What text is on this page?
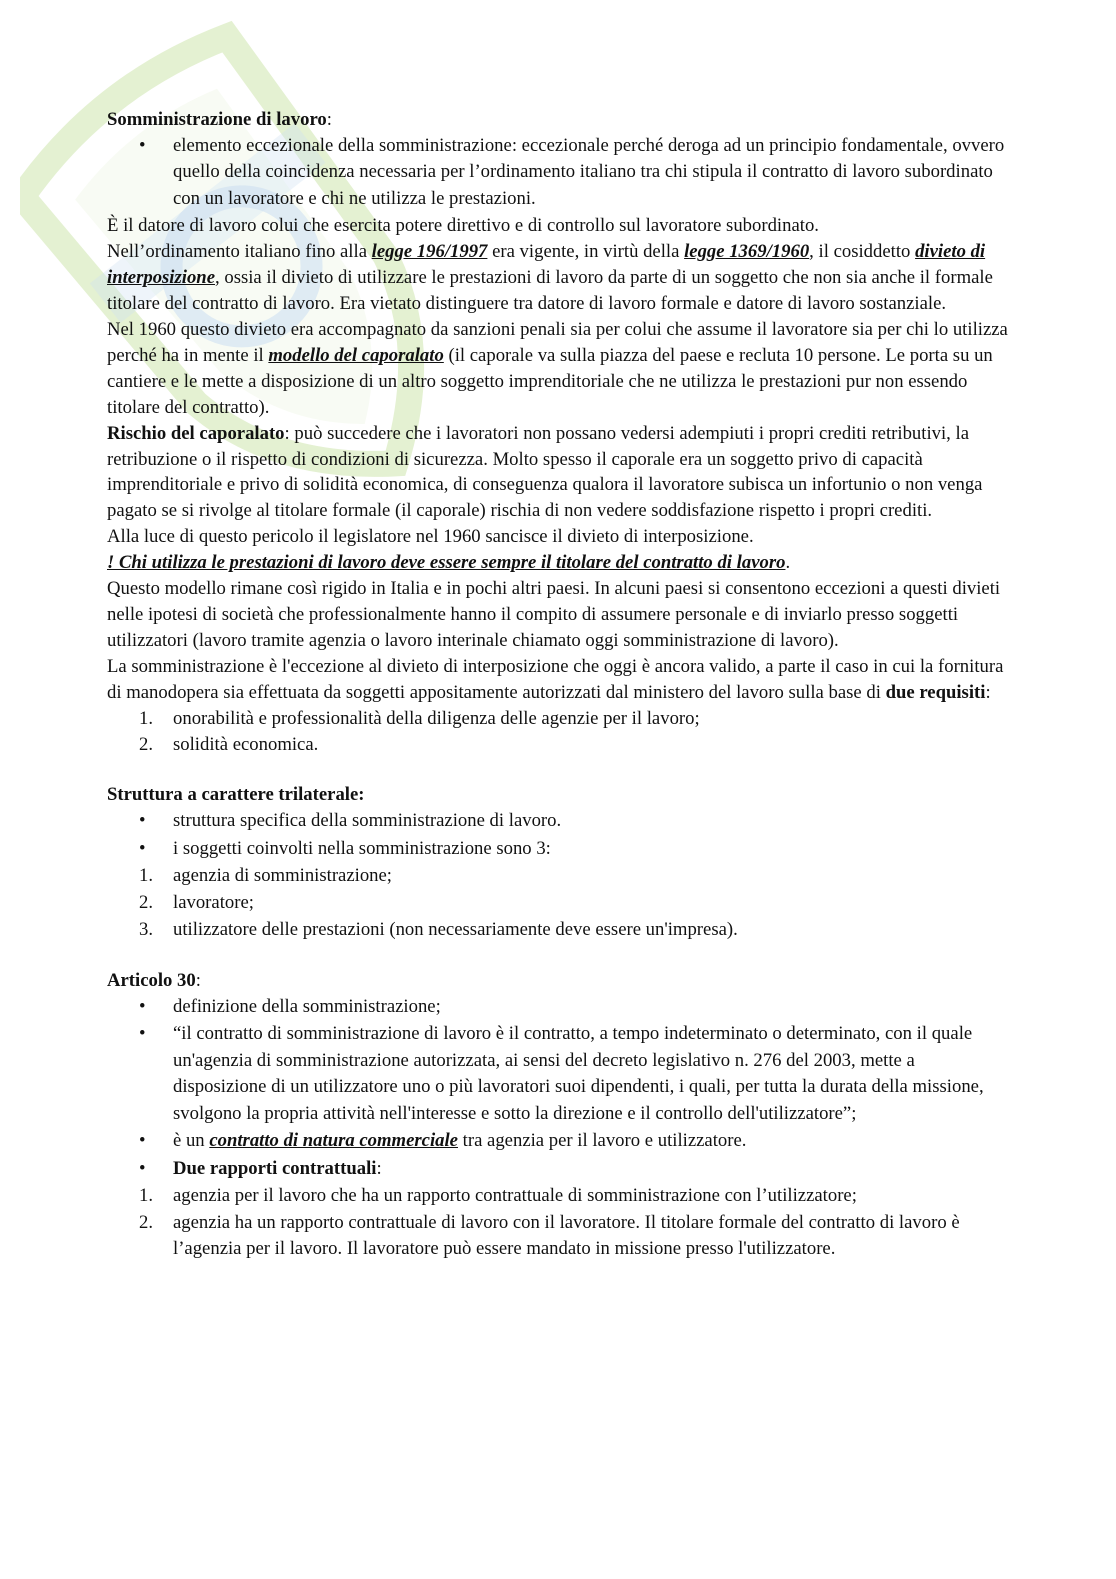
Somministrazione di lavoro:

• elemento eccezionale della somministrazione: eccezionale perché deroga ad un principio fondamentale, ovvero quello della coincidenza necessaria per l’ordinamento italiano tra chi stipula il contratto di lavoro subordinato con un lavoratore e chi ne utilizza le prestazioni.

È il datore di lavoro colui che esercita potere direttivo e di controllo sul lavoratore subordinato.

Nell’ordinamento italiano fino alla legge 196/1997 era vigente, in virtù della legge 1369/1960, il cosiddetto divieto di interposizione, ossia il divieto di utilizzare le prestazioni di lavoro da parte di un soggetto che non sia anche il formale titolare del contratto di lavoro. Era vietato distinguere tra datore di lavoro formale e datore di lavoro sostanziale.

Nel 1960 questo divieto era accompagnato da sanzioni penali sia per colui che assume il lavoratore sia per chi lo utilizza perché ha in mente il modello del caporalato (il caporale va sulla piazza del paese e recluta 10 persone. Le porta su un cantiere e le mette a disposizione di un altro soggetto imprenditoriale che ne utilizza le prestazioni pur non essendo titolare del contratto).

Rischio del caporalato: può succedere che i lavoratori non possano vedersi adempiuti i propri crediti retributivi, la retribuzione o il rispetto di condizioni di sicurezza. Molto spesso il caporale era un soggetto privo di capacità imprenditoriale e privo di solidità economica, di conseguenza qualora il lavoratore subisca un infortunio o non venga pagato se si rivolge al titolare formale (il caporale) rischia di non vedere soddisfazione rispetto i propri crediti.

Alla luce di questo pericolo il legislatore nel 1960 sancisce il divieto di interposizione.

! Chi utilizza le prestazioni di lavoro deve essere sempre il titolare del contratto di lavoro.

Questo modello rimane così rigido in Italia e in pochi altri paesi. In alcuni paesi si consentono eccezioni a questi divieti nelle ipotesi di società che professionalmente hanno il compito di assumere personale e di inviarlo presso soggetti utilizzatori (lavoro tramite agenzia o lavoro interinale chiamato oggi somministrazione di lavoro).

La somministrazione è l'eccezione al divieto di interposizione che oggi è ancora valido, a parte il caso in cui la fornitura di manodopera sia effettuata da soggetti appositamente autorizzati dal ministero del lavoro sulla base di due requisiti:

1. onorabilità e professionalità della diligenza delle agenzie per il lavoro;
2. solidità economica.

Struttura a carattere trilaterale:

• struttura specifica della somministrazione di lavoro.
• i soggetti coinvolti nella somministrazione sono 3:
1. agenzia di somministrazione;
2. lavoratore;
3. utilizzatore delle prestazioni (non necessariamente deve essere un'impresa).

Articolo 30:

• definizione della somministrazione;
• “il contratto di somministrazione di lavoro è il contratto, a tempo indeterminato o determinato, con il quale un'agenzia di somministrazione autorizzata, ai sensi del decreto legislativo n. 276 del 2003, mette a disposizione di un utilizzatore uno o più lavoratori suoi dipendenti, i quali, per tutta la durata della missione, svolgono la propria attività nell'interesse e sotto la direzione e il controllo dell'utilizzatore”;
• è un contratto di natura commerciale tra agenzia per il lavoro e utilizzatore.
• Due rapporti contrattuali:
1. agenzia per il lavoro che ha un rapporto contrattuale di somministrazione con l’utilizzatore;
2. agenzia ha un rapporto contrattuale di lavoro con il lavoratore. Il titolare formale del contratto di lavoro è l’agenzia per il lavoro. Il lavoratore può essere mandato in missione presso l'utilizzatore.
